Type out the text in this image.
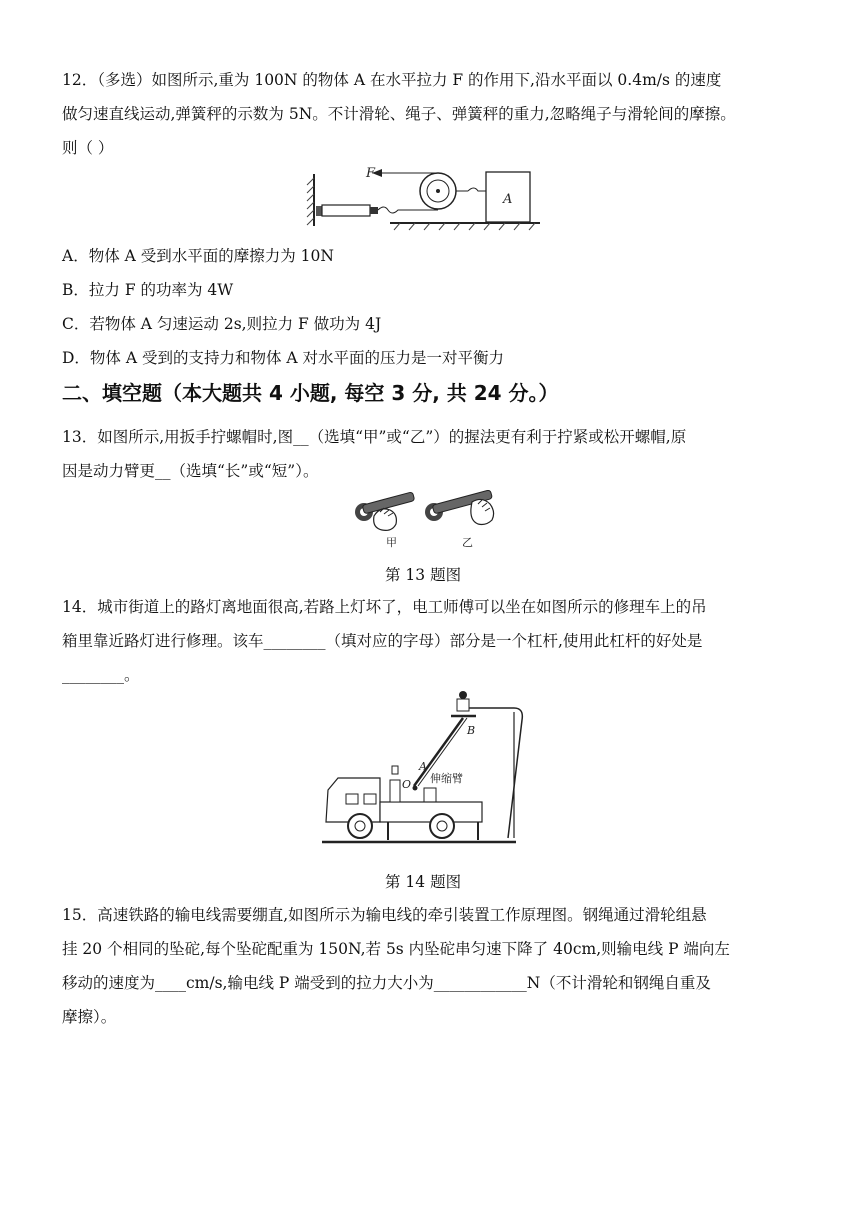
12．（多选）如图所示,重为 100N 的物体 A 在水平拉力 F 的作用下,沿水平面以 0.4m/s 的速度
做匀速直线运动,弹簧秤的示数为 5N。不计滑轮、绳子、弹簧秤的重力,忽略绳子与滑轮间的摩擦。
则（ ）
F
A
A．物体 A 受到水平面的摩擦力为 10N
B．拉力 F 的功率为 4W
C．若物体 A 匀速运动 2s,则拉力 F 做功为 4J
D．物体 A 受到的支持力和物体 A 对水平面的压力是一对平衡力
二、填空题（本大题共 4 小题, 每空 3 分, 共 24 分。）
13．如图所示,用扳手拧螺帽时,图__（选填“甲”或“乙”）的握法更有利于拧紧或松开螺帽,原
因是动力臂更__（选填“长”或“短”）。
甲	乙
第 13 题图
14．城市街道上的路灯离地面很高,若路上灯坏了，电工师傅可以坐在如图所示的修理车上的吊
箱里靠近路灯进行修理。该车________（填对应的字母）部分是一个杠杆,使用此杠杆的好处是
________。
B
A
伸缩臂
O
第 14 题图
15．高速铁路的输电线需要绷直,如图所示为输电线的牵引装置工作原理图。钢绳通过滑轮组悬
挂 20 个相同的坠砣,每个坠砣配重为 150N,若 5s 内坠砣串匀速下降了 40cm,则输电线 P 端向左
移动的速度为____cm/s,输电线 P 端受到的拉力大小为____________N（不计滑轮和钢绳自重及
摩擦）。
